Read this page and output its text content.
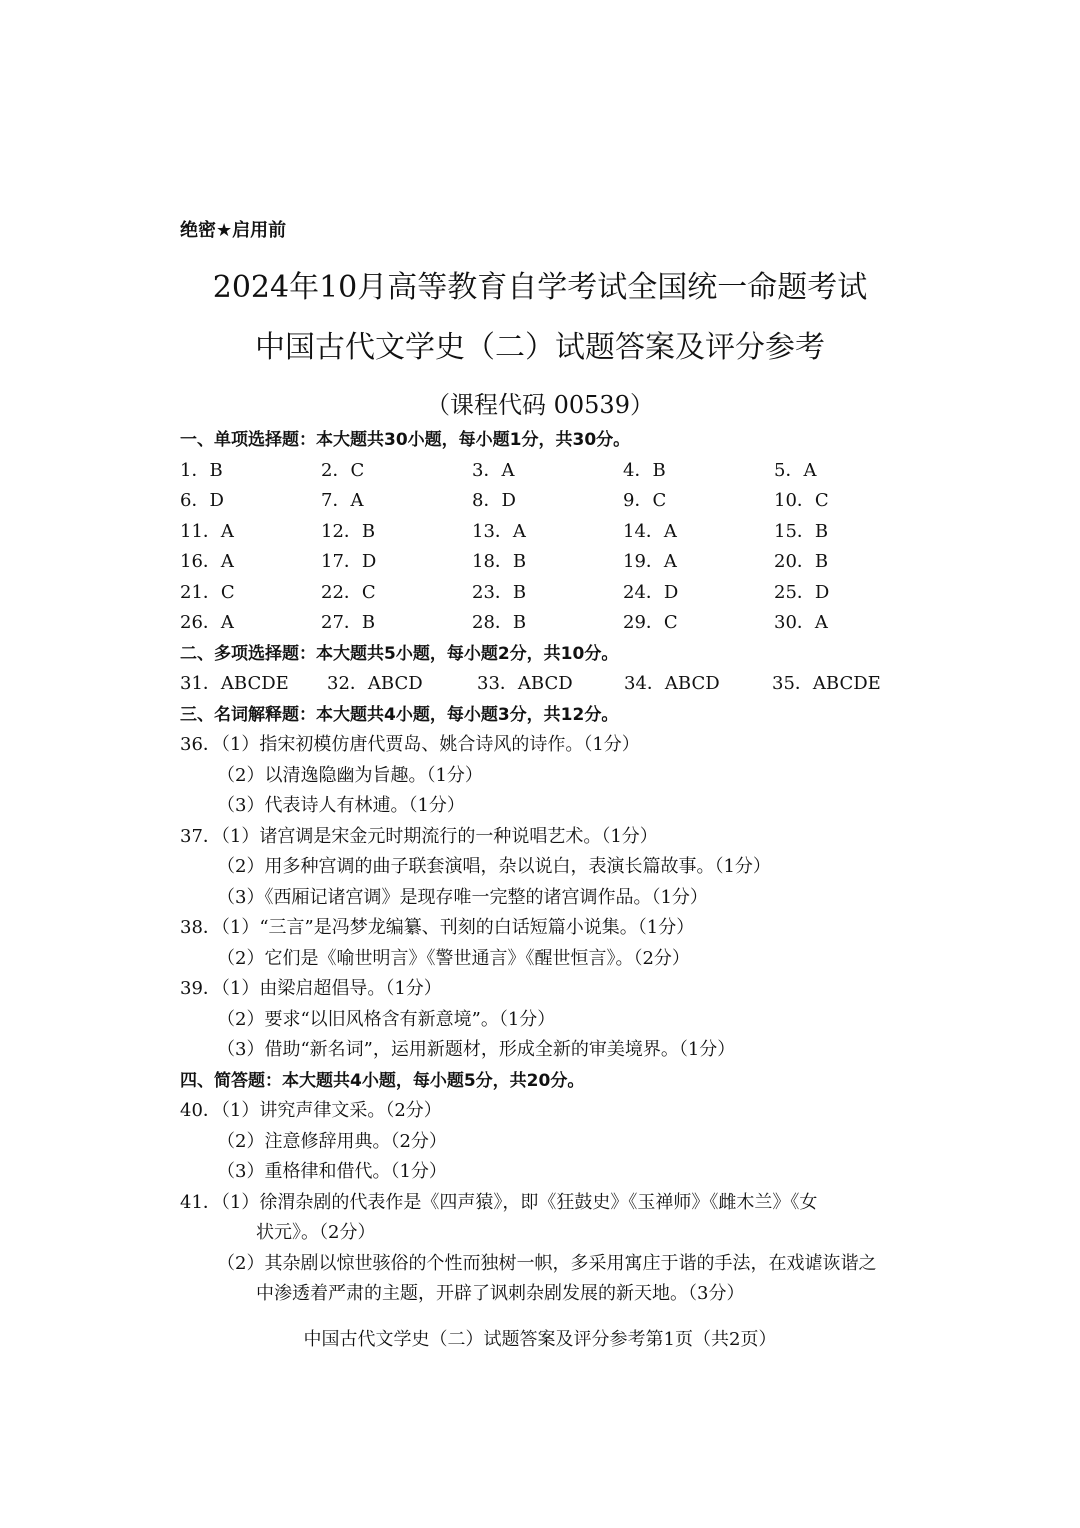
绝密★启用前
2024年10月高等教育自学考试全国统一命题考试
中国古代文学史（二）试题答案及评分参考
（课程代码 00539）
一、单项选择题：本大题共30小题，每小题1分，共30分。
1．B	2．C	3．A	4．B	5．A
6．D	7．A	8．D	9．C	10．C
11．A	12．B	13．A	14．A	15．B
16．A	17．D	18．B	19．A	20．B
21．C	22．C	23．B	24．D	25．D
26．A	27．B	28．B	29．C	30．A
二、多项选择题：本大题共5小题，每小题2分，共10分。
31．ABCDE 32．ABCD	33．ABCD	34．ABCD	35．ABCDE
三、名词解释题：本大题共4小题，每小题3分，共12分。
36．（1）指宋初模仿唐代贾岛、姚合诗风的诗作。（1分）
（2）以清逸隐幽为旨趣。（1分）
（3）代表诗人有林逋。（1分）
37．（1）诸宫调是宋金元时期流行的一种说唱艺术。（1分）
（2）用多种宫调的曲子联套演唱，杂以说白，表演长篇故事。（1分）
（3）《西厢记诸宫调》是现存唯一完整的诸宫调作品。（1分）
38．（1）“三言”是冯梦龙编纂、刊刻的白话短篇小说集。（1分）
（2）它们是《喻世明言》《警世通言》《醒世恒言》。（2分）
39．（1）由梁启超倡导。（1分）
（2）要求“以旧风格含有新意境”。（1分）
（3）借助“新名词”，运用新题材，形成全新的审美境界。（1分）
四、简答题：本大题共4小题，每小题5分，共20分。
40．（1）讲究声律文采。（2分）
（2）注意修辞用典。（2分）
（3）重格律和借代。（1分）
41．（1）徐渭杂剧的代表作是《四声猿》，即《狂鼓史》《玉禅师》《雌木兰》《女
状元》。（2分）
（2）其杂剧以惊世骇俗的个性而独树一帜，多采用寓庄于谐的手法，在戏谑诙谐之
中渗透着严肃的主题，开辟了讽刺杂剧发展的新天地。（3分）
中国古代文学史（二）试题答案及评分参考第1页（共2页）
